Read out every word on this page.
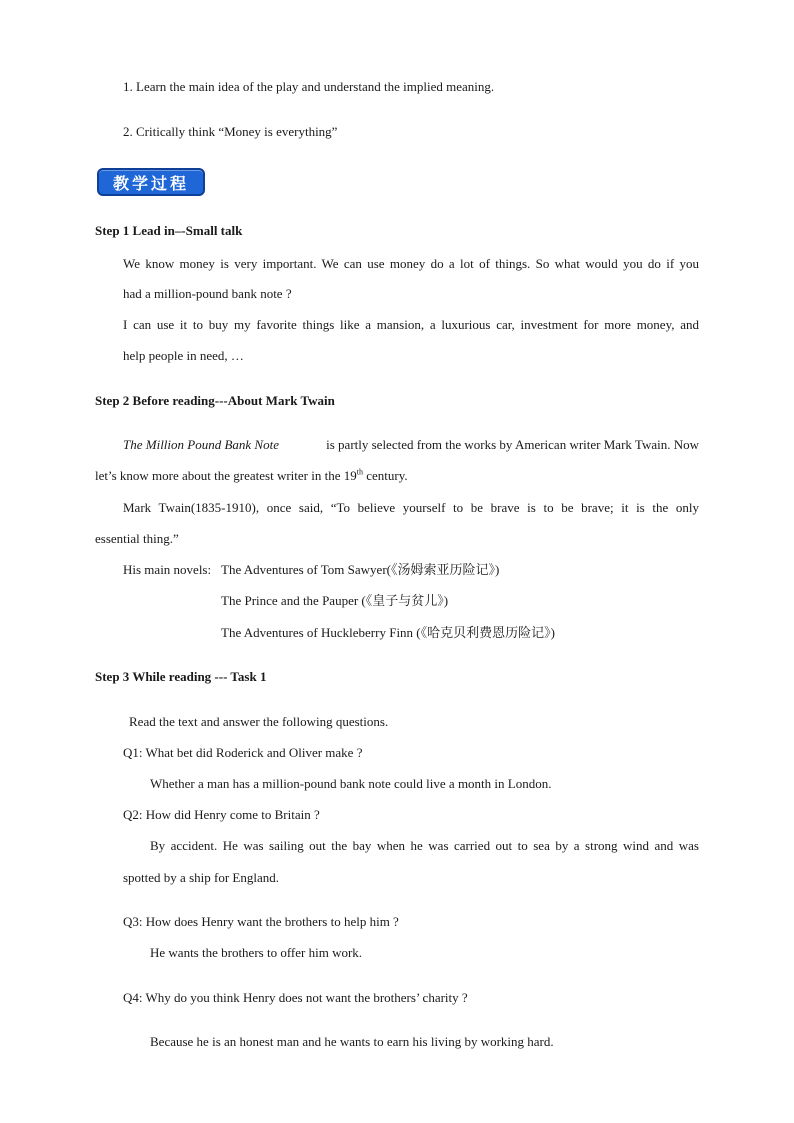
1. Learn the main idea of the play and understand the implied meaning.
2. Critically think “Money is everything”
教学过程
Step 1 Lead in–-Small talk
We know money is very important. We can use money do a lot of things. So what would you do if you
had a million-pound bank note ?
I can use it to buy my favorite things like a mansion, a luxurious car, investment for more money, and
help people in need, …
Step 2 Before reading---About Mark Twain
The Million Pound Bank Note	is partly selected from the works by American writer Mark Twain. Now
let’s know more about the greatest writer in the 19th century.
Mark Twain(1835-1910), once said, “To believe yourself to be brave is to be brave; it is the only
essential thing.”
His main novels: The Adventures of Tom Sawyer(《汤姆索亚历险记》)
The Prince and the Pauper (《皇子与贫儿》)
The Adventures of Huckleberry Finn (《哈克贝利费恩历险记》)
Step 3 While reading --- Task 1
Read the text and answer the following questions.
Q1: What bet did Roderick and Oliver make ?
Whether a man has a million-pound bank note could live a month in London.
Q2: How did Henry come to Britain ?
By accident. He was sailing out the bay when he was carried out to sea by a strong wind and was
spotted by a ship for England.
Q3: How does Henry want the brothers to help him ?
He wants the brothers to offer him work.
Q4: Why do you think Henry does not want the brothers’ charity ?
Because he is an honest man and he wants to earn his living by working hard.
